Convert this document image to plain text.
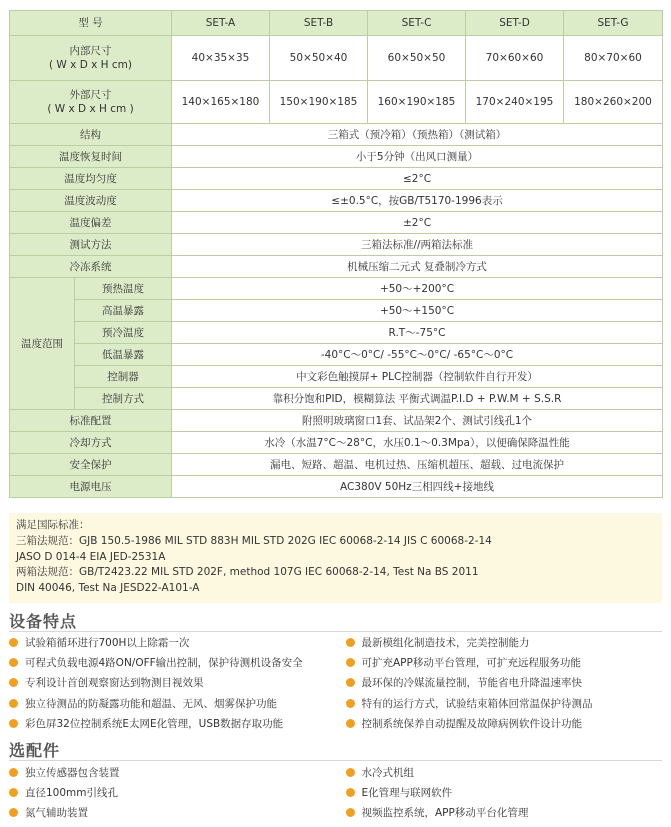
型 号		SET-A	SET-B	SET-C	SET-D	SET-G

内部尺寸
( W x D x H cm)		40×35×35	50×50×40	60×50×50	70×60×60	80×70×60

外部尺寸
( W x D x H cm )		140×165×180	150×190×185	160×190×185	170×240×195	180×260×200
结构		三箱式（预冷箱）（预热箱）（测试箱）				
温度恢复时间		小于5分钟（出风口测量）				
温度均匀度		≤2°C				
温度波动度		≤±0.5°C，按GB/T5170-1996表示				
温度偏差		±2°C				
测试方法		三箱法标准//两箱法标准				
冷冻系统		机械压缩二元式 复叠制冷方式				
温度范围	预热温度	+50〜+200°C				
	高温暴露	+50〜+150°C				
	预冷温度	R.T〜-75°C				
	低温暴露	-40°C〜0°C/ -55°C〜0°C/ -65°C〜0°C				
	控制器	中文彩色触摸屏+ PLC控制器（控制软件自行开发）				
	控制方式	靠积分饱和PID，模糊算法 平衡式调温P.I.D + P.W.M + S.S.R				
标准配置		附照明玻璃窗口1套、试品架2个、测试引线孔1个				
冷却方式		水冷（水温7°C〜28°C，水压0.1〜0.3Mpa），以便确保降温性能				
安全保护		漏电、短路、超温、电机过热、压缩机超压、超载、过电流保护				
电源电压		AC380V 50Hz三相四线+接地线				
满足国际标准：
三箱法规范：GJB 150.5-1986 MIL STD 883H MIL STD 202G IEC 60068-2-14 JIS C 60068-2-14
JASO D 014-4 EIA JED-2531A
两箱法规范：GB/T2423.22 MIL STD 202F, method 107G IEC 60068-2-14, Test Na BS 2011
DIN 40046, Test Na JESD22-A101-A
设备特点
试验箱循环进行700H以上除霜一次	最新模组化制造技术，完美控制能力
可程式负载电源4路ON/OFF输出控制，保护待测机设备安全	可扩充APP移动平台管理，可扩充远程服务功能
专利设计首创观察窗达到物测目视效果	最环保的冷媒流量控制，节能省电升降温速率快
独立待测品的防凝露功能和超温、无风、烟雾保护功能	特有的运行方式，试验结束箱体回常温保护待测品
彩色屏32位控制系统E太网E化管理，USB数据存取功能	控制系统保养自动提醒及故障病例软件设计功能
选配件
独立传感器包含装置	水冷式机组
直径100mm引线孔	E化管理与联网软件
氮气辅助装置	视频监控系统，APP移动平台化管理
